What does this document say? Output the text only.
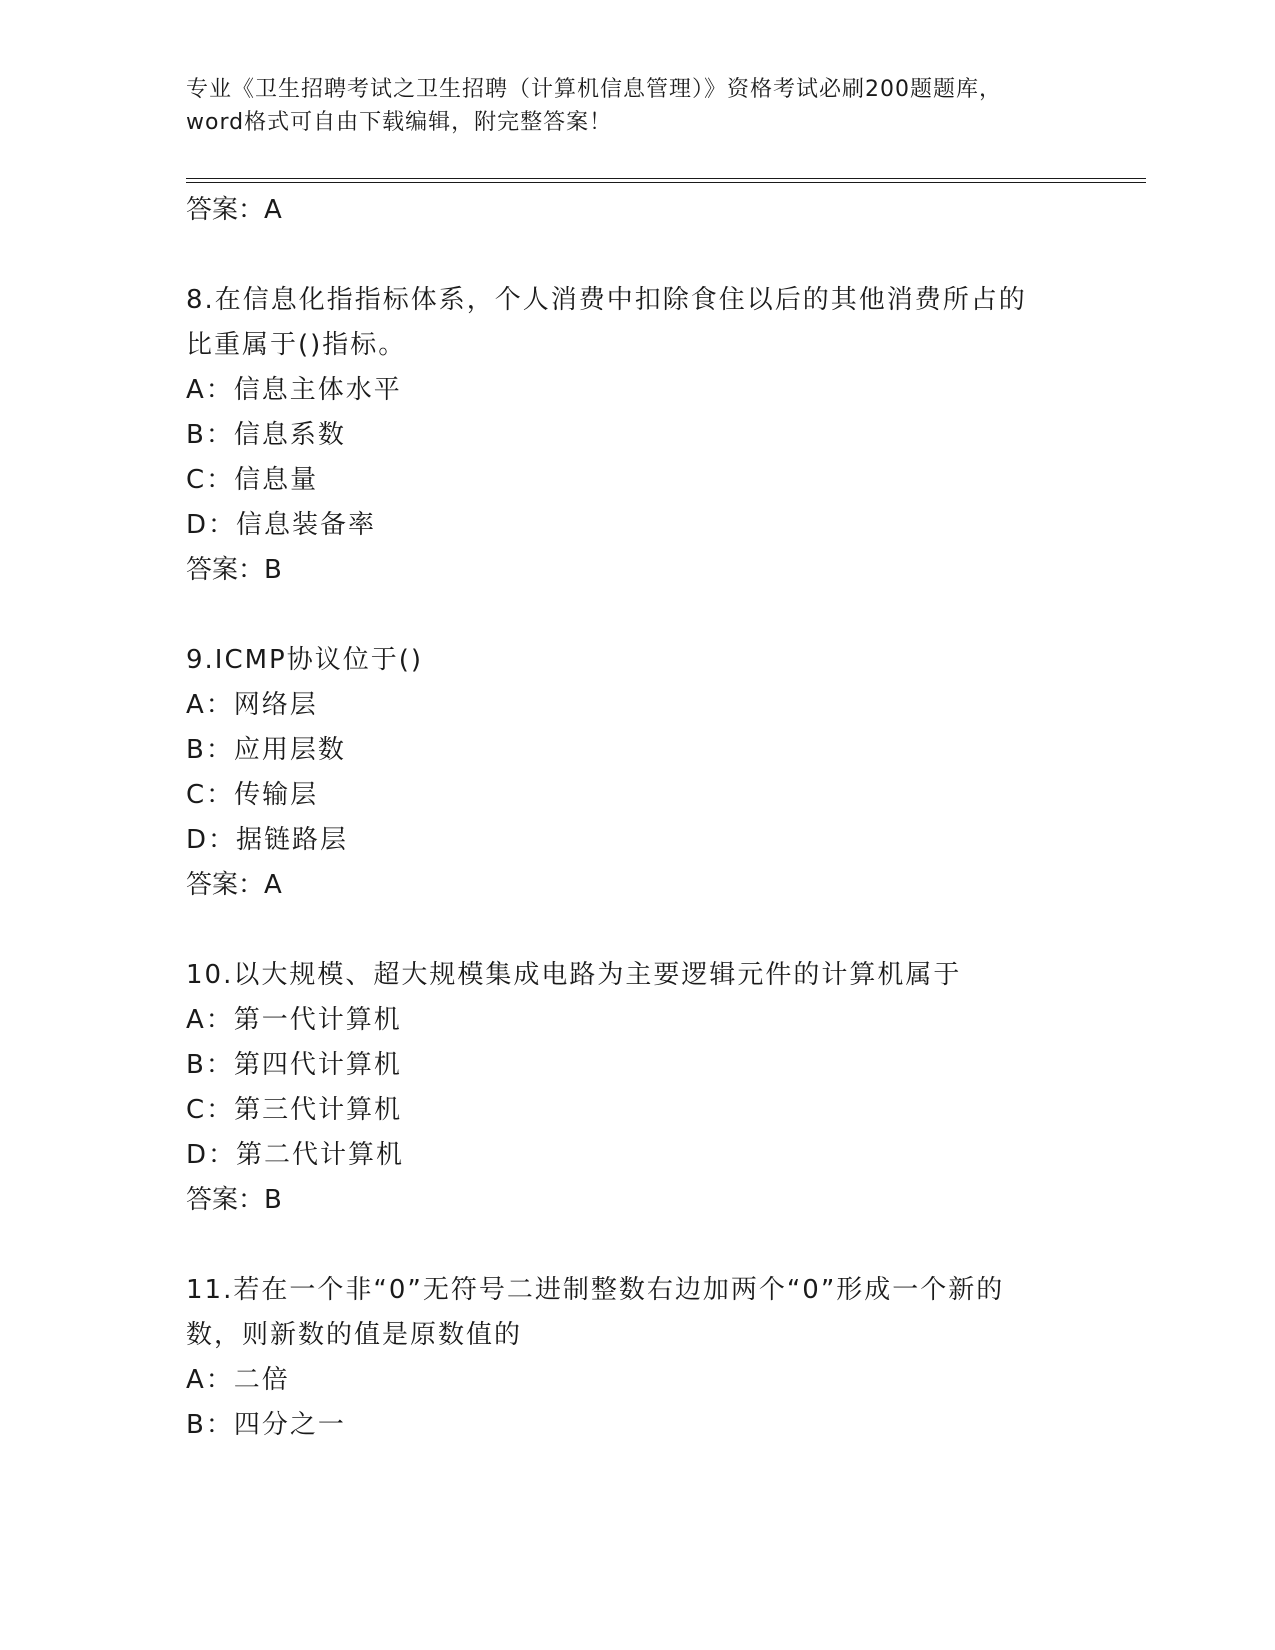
专业《卫生招聘考试之卫生招聘（计算机信息管理）》资格考试必刷200题题库，
word格式可自由下载编辑，附完整答案！
答案：A
8.在信息化指指标体系，个人消费中扣除食住以后的其他消费所占的
比重属于()指标。
A：信息主体水平
B：信息系数
C：信息量
D：信息装备率
答案：B
9.ICMP协议位于()
A：网络层
B：应用层数
C：传输层
D：据链路层
答案：A
10.以大规模、超大规模集成电路为主要逻辑元件的计算机属于
A：第一代计算机
B：第四代计算机
C：第三代计算机
D：第二代计算机
答案：B
11.若在一个非“0”无符号二进制整数右边加两个“0”形成一个新的
数，则新数的值是原数值的
A：二倍
B：四分之一
